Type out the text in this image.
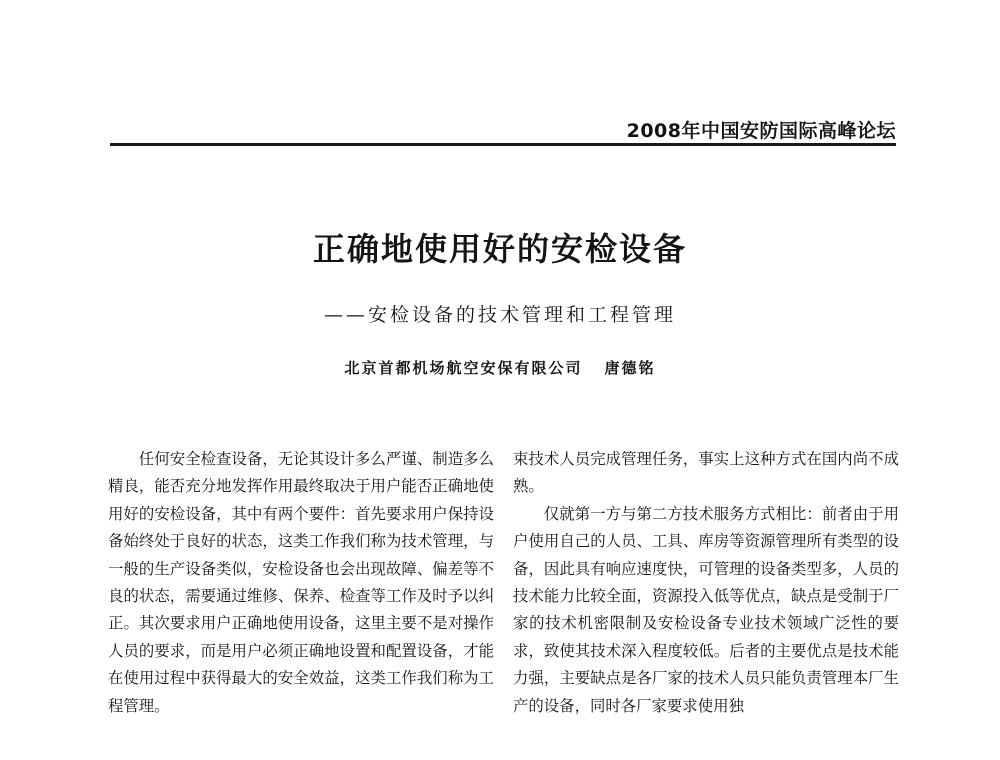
2008年中国安防国际高峰论坛
正确地使用好的安检设备
——安检设备的技术管理和工程管理
北京首都机场航空安保有限公司 唐德铭

任何安全检查设备，无论其设计多么严谨、制造多么精良，能否充分地发挥作用最终取决于用户能否正确地使用好的安检设备，其中有两个要件：首先要求用户保持设备始终处于良好的状态，这类工作我们称为技术管理，与一般的生产设备类似，安检设备也会出现故障、偏差等不良的状态，需要通过维修、保养、检查等工作及时予以纠正。其次要求用户正确地使用设备，这里主要不是对操作人员的要求，而是用户必须正确地设置和配置设备，才能在使用过程中获得最大的安全效益，这类工作我们称为工程管理。

束技术人员完成管理任务，事实上这种方式在国内尚不成熟。

仅就第一方与第二方技术服务方式相比：前者由于用户使用自己的人员、工具、库房等资源管理所有类型的设备，因此具有响应速度快，可管理的设备类型多，人员的技术能力比较全面，资源投入低等优点，缺点是受制于厂家的技术机密限制及安检设备专业技术领域广泛性的要求，致使其技术深入程度较低。后者的主要优点是技术能力强，主要缺点是各厂家的技术人员只能负责管理本厂生产的设备，同时各厂家要求使用独
